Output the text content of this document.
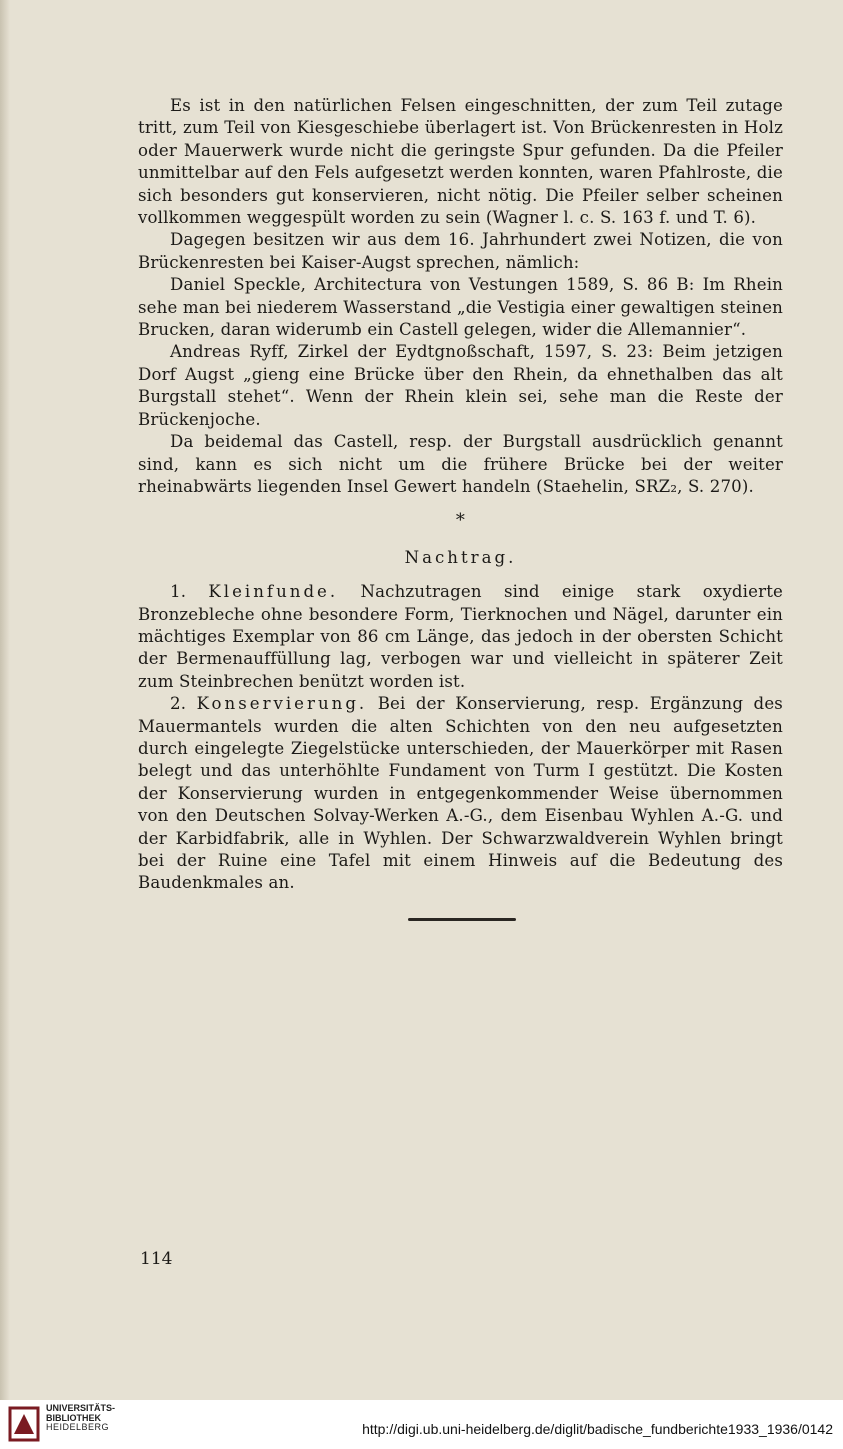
Es ist in den natürlichen Felsen eingeschnitten, der zum Teil zutage tritt, zum Teil von Kiesgeschiebe überlagert ist. Von Brückenresten in Holz oder Mauerwerk wurde nicht die geringste Spur gefunden. Da die Pfeiler unmittelbar auf den Fels aufgesetzt werden konnten, waren Pfahlroste, die sich besonders gut konservieren, nicht nötig. Die Pfeiler selber scheinen vollkommen weggespült worden zu sein (Wagner l. c. S. 163 f. und T. 6).

Dagegen besitzen wir aus dem 16. Jahrhundert zwei Notizen, die von Brückenresten bei Kaiser-Augst sprechen, nämlich:

Daniel Specklе, Architectura von Vestungen 1589, S. 86 B: Im Rhein sehe man bei niederem Wasserstand „die Vestigia einer gewaltigen steinen Brucken, daran widerumb ein Castell gelegen, wider die Allemannier“.

Andreas Ryff, Zirkel der Eydtgnoßschaft, 1597, S. 23: Beim jetzigen Dorf Augst „gieng eine Brücke über den Rhein, da ehnethalben das alt Burgstall stehet“. Wenn der Rhein klein sei, sehe man die Reste der Brückenjoche.

Da beidemal das Castell, resp. der Burgstall ausdrücklich genannt sind, kann es sich nicht um die frühere Brücke bei der weiter rheinabwärts liegenden Insel Gewert handeln (Staehelin, SRZ₂, S. 270).

*
Nachtrag.

1. Kleinfunde. Nachzutragen sind einige stark oxydierte Bronzebleche ohne besondere Form, Tierknochen und Nägel, darunter ein mächtiges Exemplar von 86 cm Länge, das jedoch in der obersten Schicht der Bermenauffüllung lag, verbogen war und vielleicht in späterer Zeit zum Steinbrechen benützt worden ist.

2. Konservierung. Bei der Konservierung, resp. Ergänzung des Mauermantels wurden die alten Schichten von den neu aufgesetzten durch eingelegte Ziegelstücke unterschieden, der Mauerkörper mit Rasen belegt und das unterhöhlte Fundament von Turm I gestützt. Die Kosten der Konservierung wurden in entgegenkommender Weise übernommen von den Deutschen Solvay-Werken A.-G., dem Eisenbau Wyhlen A.-G. und der Karbidfabrik, alle in Wyhlen. Der Schwarzwaldverein Wyhlen bringt bei der Ruine eine Tafel mit einem Hinweis auf die Bedeutung des Baudenkmales an.

114
UNIVERSITÄTS-
BIBLIOTHEK
HEIDELBERG	http://digi.ub.uni-heidelberg.de/diglit/badische_fundberichte1933_1936/0142
